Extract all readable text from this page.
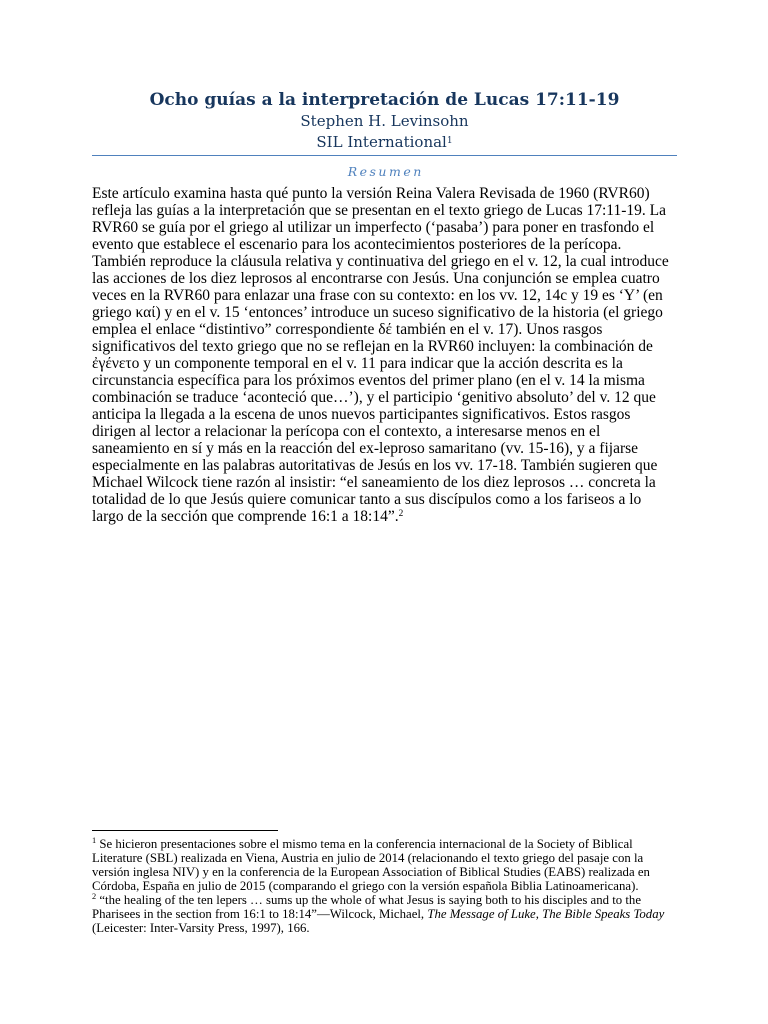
Ocho guías a la interpretación de Lucas 17:11-19
Stephen H. Levinsohn
SIL International$^1$
Resumen
Este artículo examina hasta qué punto la versión Reina Valera Revisada de 1960 (RVR60)
refleja las guías a la interpretación que se presentan en el texto griego de Lucas 17:11-19. La
RVR60 se guía por el griego al utilizar un imperfecto (‘pasaba’) para poner en trasfondo el
evento que establece el escenario para los acontecimientos posteriores de la perícopa.
También reproduce la cláusula relativa y continuativa del griego en el v. 12, la cual introduce
las acciones de los diez leprosos al encontrarse con Jesús. Una conjunción se emplea cuatro
veces en la RVR60 para enlazar una frase con su contexto: en los vv. 12, 14c y 19 es ‘Y’ (en
griego καί) y en el v. 15 ‘entonces’ introduce un suceso significativo de la historia (el griego
emplea el enlace “distintivo” correspondiente δέ también en el v. 17). Unos rasgos
significativos del texto griego que no se reflejan en la RVR60 incluyen: la combinación de
ἐγένετο y un componente temporal en el v. 11 para indicar que la acción descrita es la
circunstancia específica para los próximos eventos del primer plano (en el v. 14 la misma
combinación se traduce ‘aconteció que…’), y el participio ‘genitivo absoluto’ del v. 12 que
anticipa la llegada a la escena de unos nuevos participantes significativos. Estos rasgos
dirigen al lector a relacionar la perícopa con el contexto, a interesarse menos en el
saneamiento en sí y más en la reacción del ex-leproso samaritano (vv. 15-16), y a fijarse
especialmente en las palabras autoritativas de Jesús en los vv. 17-18. También sugieren que
Michael Wilcock tiene razón al insistir: “el saneamiento de los diez leprosos … concreta la
totalidad de lo que Jesús quiere comunicar tanto a sus discípulos como a los fariseos a lo
largo de la sección que comprende 16:1 a 18:14”.$^2$
$^1$ Se hicieron presentaciones sobre el mismo tema en la conferencia internacional de la Society of Biblical
Literature (SBL) realizada en Viena, Austria en julio de 2014 (relacionando el texto griego del pasaje con la
versión inglesa NIV) y en la conferencia de la European Association of Biblical Studies (EABS) realizada en
Córdoba, España en julio de 2015 (comparando el griego con la versión española Biblia Latinoamericana).
$^2$ “the healing of the ten lepers … sums up the whole of what Jesus is saying both to his disciples and to the
Pharisees in the section from 16:1 to 18:14”—Wilcock, Michael, The Message of Luke, The Bible Speaks Today
(Leicester: Inter-Varsity Press, 1997), 166.
